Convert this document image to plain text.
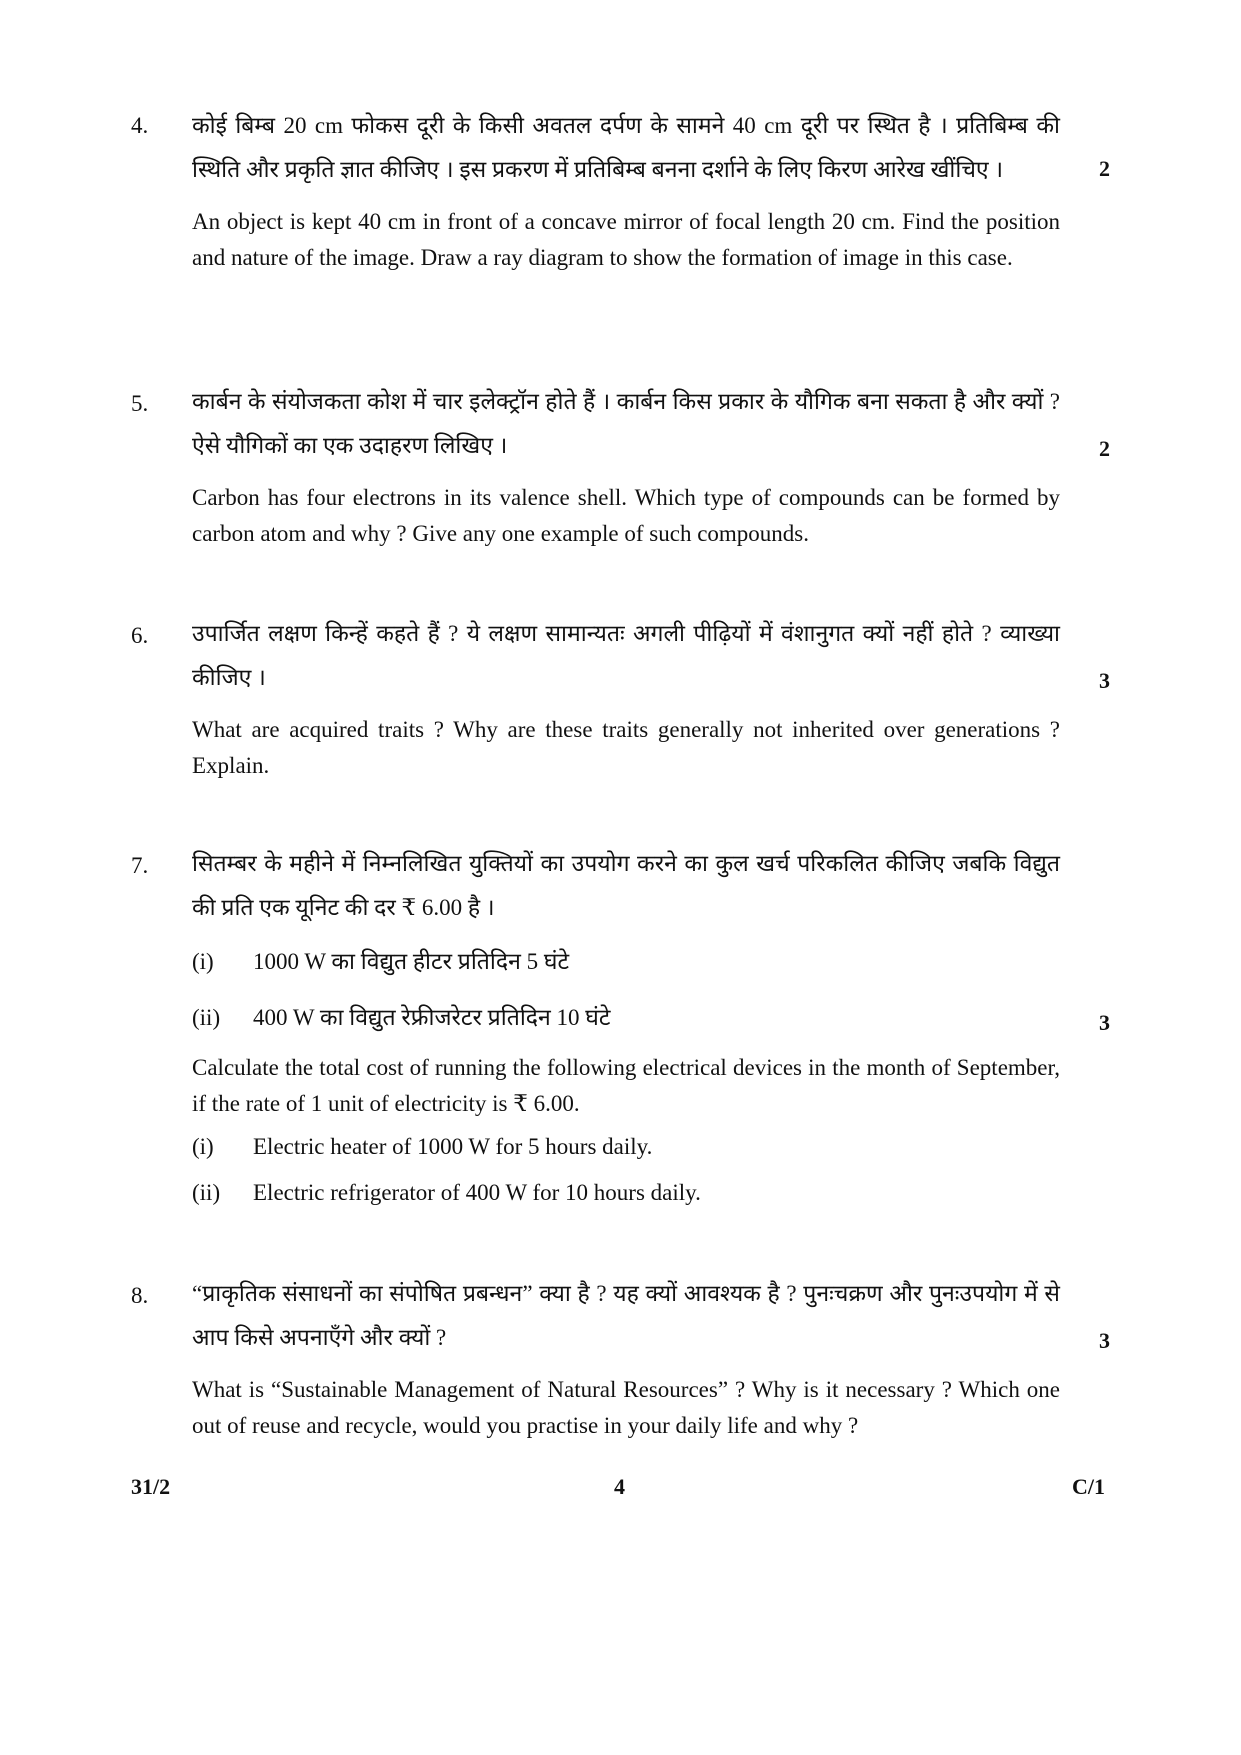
4. कोई बिम्ब 20 cm फोकस दूरी के किसी अवतल दर्पण के सामने 40 cm दूरी पर स्थित है । प्रतिबिम्ब की स्थिति और प्रकृति ज्ञात कीजिए । इस प्रकरण में प्रतिबिम्ब बनना दर्शाने के लिए किरण आरेख खींचिए ।

An object is kept 40 cm in front of a concave mirror of focal length 20 cm. Find the position and nature of the image. Draw a ray diagram to show the formation of image in this case.

2
5. कार्बन के संयोजकता कोश में चार इलेक्ट्रॉन होते हैं । कार्बन किस प्रकार के यौगिक बना सकता है और क्यों ? ऐसे यौगिकों का एक उदाहरण लिखिए ।

Carbon has four electrons in its valence shell. Which type of compounds can be formed by carbon atom and why ? Give any one example of such compounds.

2
6. उपार्जित लक्षण किन्हें कहते हैं ? ये लक्षण सामान्यतः अगली पीढ़ियों में वंशानुगत क्यों नहीं होते ? व्याख्या कीजिए ।

What are acquired traits ? Why are these traits generally not inherited over generations ? Explain.

3
7. सितम्बर के महीने में निम्नलिखित युक्तियों का उपयोग करने का कुल खर्च परिकलित कीजिए जबकि विद्युत की प्रति एक यूनिट की दर ₹ 6.00 है ।

(i) 1000 W का विद्युत हीटर प्रतिदिन 5 घंटे
(ii) 400 W का विद्युत रेफ्रीजरेटर प्रतिदिन 10 घंटे

Calculate the total cost of running the following electrical devices in the month of September, if the rate of 1 unit of electricity is ₹ 6.00.

(i) Electric heater of 1000 W for 5 hours daily.
(ii) Electric refrigerator of 400 W for 10 hours daily.
3
8. “प्राकृतिक संसाधनों का संपोषित प्रबन्धन” क्या है ? यह क्यों आवश्यक है ? पुनःचक्रण और पुनःउपयोग में से आप किसे अपनाएँगे और क्यों ?

What is “Sustainable Management of Natural Resources” ? Why is it necessary ? Which one out of reuse and recycle, would you practise in your daily life and why ?

3
31/2	4	C/1
